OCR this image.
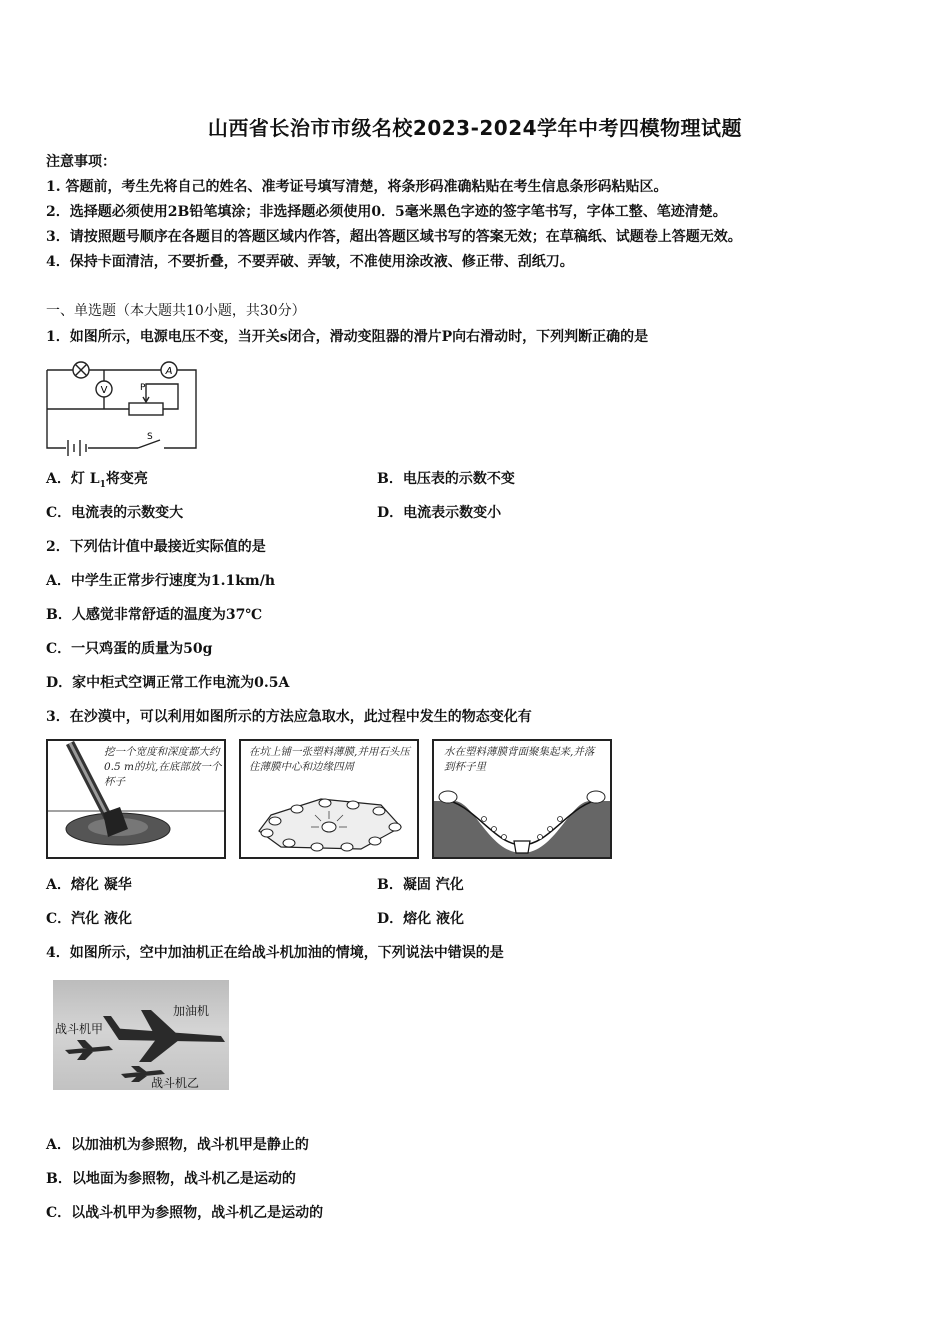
山西省长治市市级名校2023-2024学年中考四模物理试题
注意事项：
1. 答题前，考生先将自己的姓名、准考证号填写清楚，将条形码准确粘贴在考生信息条形码粘贴区。
2．选择题必须使用2B铅笔填涂；非选择题必须使用0．5毫米黑色字迹的签字笔书写，字体工整、笔迹清楚。
3．请按照题号顺序在各题目的答题区域内作答，超出答题区域书写的答案无效；在草稿纸、试题卷上答题无效。
4．保持卡面清洁，不要折叠，不要弄破、弄皱，不准使用涂改液、修正带、刮纸刀。
一、单选题（本大题共10小题，共30分）
1．如图所示，电源电压不变，当开关s闭合，滑动变阻器的滑片P向右滑动时，下列判断正确的是
A
V	P
S
A．灯 $L_1$将变亮	B．电压表的示数不变
C．电流表的示数变大	D．电流表示数变小
2．下列估计值中最接近实际值的是
A．中学生正常步行速度为1.1km/h
B．人感觉非常舒适的温度为37℃
C．一只鸡蛋的质量为50g
D．家中柜式空调正常工作电流为0.5A
3．在沙漠中，可以利用如图所示的方法应急取水，此过程中发生的物态变化有
挖一个宽度和深度都大约0.5 m的坑,在底部放一个杯子
在坑上铺一张塑料薄膜,并用石头压住薄膜中心和边缘四周
水在塑料薄膜背面聚集起来,并落到杯子里
A．熔化 凝华	B．凝固 汽化
C．汽化 液化	D．熔化 液化
4．如图所示，空中加油机正在给战斗机加油的情境，下列说法中错误的是
加油机
战斗机甲
战斗机乙
A．以加油机为参照物，战斗机甲是静止的
B．以地面为参照物，战斗机乙是运动的
C．以战斗机甲为参照物，战斗机乙是运动的
